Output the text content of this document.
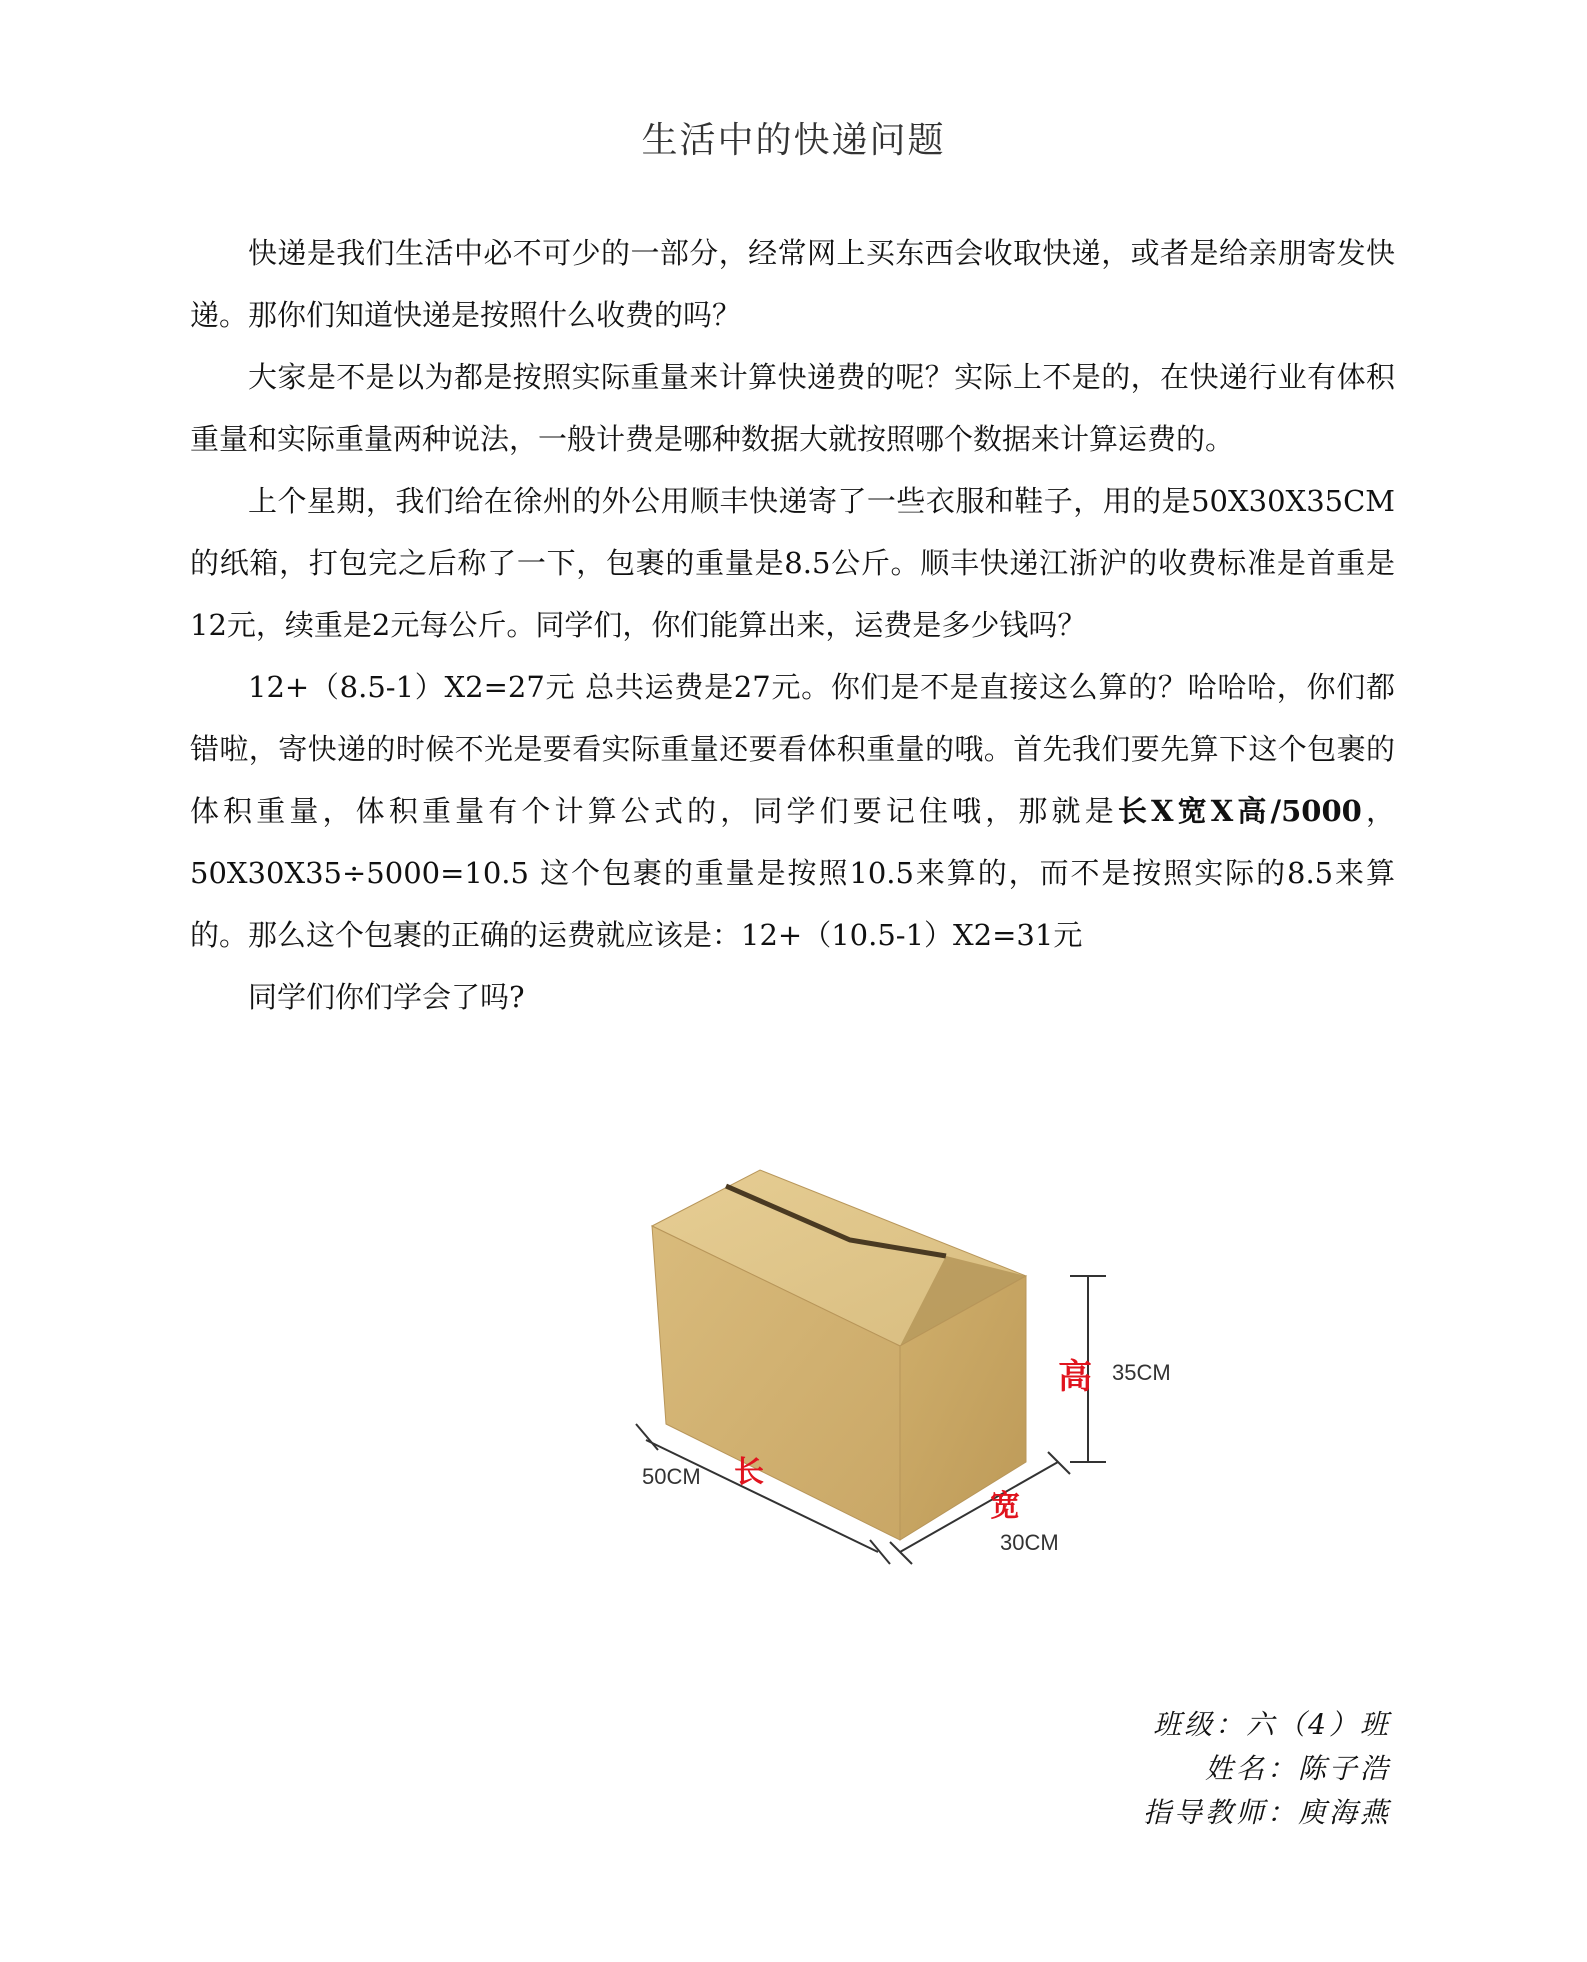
生活中的快递问题

快递是我们生活中必不可少的一部分，经常网上买东西会收取快递，或者是给亲朋寄发快递。那你们知道快递是按照什么收费的吗？

大家是不是以为都是按照实际重量来计算快递费的呢？实际上不是的，在快递行业有体积重量和实际重量两种说法，一般计费是哪种数据大就按照哪个数据来计算运费的。

上个星期，我们给在徐州的外公用顺丰快递寄了一些衣服和鞋子，用的是50X30X35CM的纸箱，打包完之后称了一下，包裹的重量是8.5公斤。顺丰快递江浙沪的收费标准是首重是12元，续重是2元每公斤。同学们，你们能算出来，运费是多少钱吗？

12+（8.5-1）X2=27元 总共运费是27元。你们是不是直接这么算的？哈哈哈，你们都错啦，寄快递的时候不光是要看实际重量还要看体积重量的哦。首先我们要先算下这个包裹的体积重量，体积重量有个计算公式的，同学们要记住哦，那就是长X宽X高/5000，50X30X35÷5000=10.5 这个包裹的重量是按照10.5来算的，而不是按照实际的8.5来算的。那么这个包裹的正确的运费就应该是：12+（10.5-1）X2=31元

同学们你们学会了吗?

高 35CM
长
50CM
宽
30CM
班级：六（4）班
姓名：陈子浩
指导教师：庾海燕
